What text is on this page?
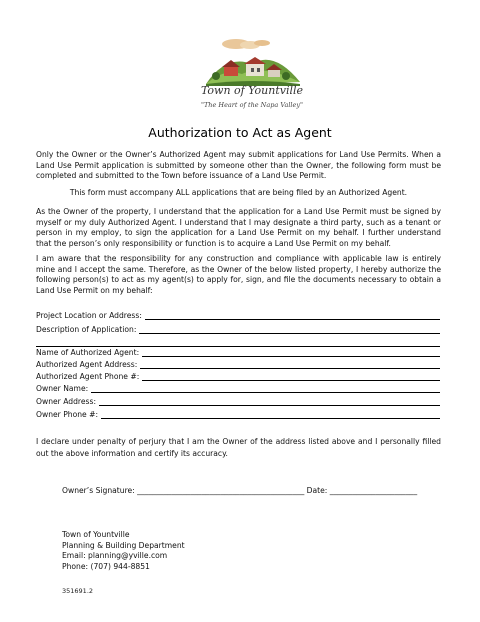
Town of Yountville
"The Heart of the Napa Valley"
Authorization to Act as Agent
Only the Owner or the Owner’s Authorized Agent may submit applications for Land Use Permits. When a Land Use Permit application is submitted by someone other than the Owner, the following form must be completed and submitted to the Town before issuance of a Land Use Permit.
This form must accompany ALL applications that are being filed by an Authorized Agent.
As the Owner of the property, I understand that the application for a Land Use Permit must be signed by myself or my duly Authorized Agent. I understand that I may designate a third party, such as a tenant or person in my employ, to sign the application for a Land Use Permit on my behalf. I further understand that the person’s only responsibility or function is to acquire a Land Use Permit on my behalf.
I am aware that the responsibility for any construction and compliance with applicable law is entirely mine and I accept the same. Therefore, as the Owner of the below listed property, I hereby authorize the following person(s) to act as my agent(s) to apply for, sign, and file the documents necessary to obtain a Land Use Permit on my behalf:
Project Location or Address:
Description of Application:
Name of Authorized Agent:
Authorized Agent Address:
Authorized Agent Phone #:
Owner Name:
Owner Address:
Owner Phone #:
I declare under penalty of perjury that I am the Owner of the address listed above and I personally filled out the above information and certify its accuracy.
Owner’s Signature: ____________________________________________ Date: _______________________
Town of Yountville
Planning & Building Department
Email: planning@yville.com
Phone: (707) 944-8851
351691.2
